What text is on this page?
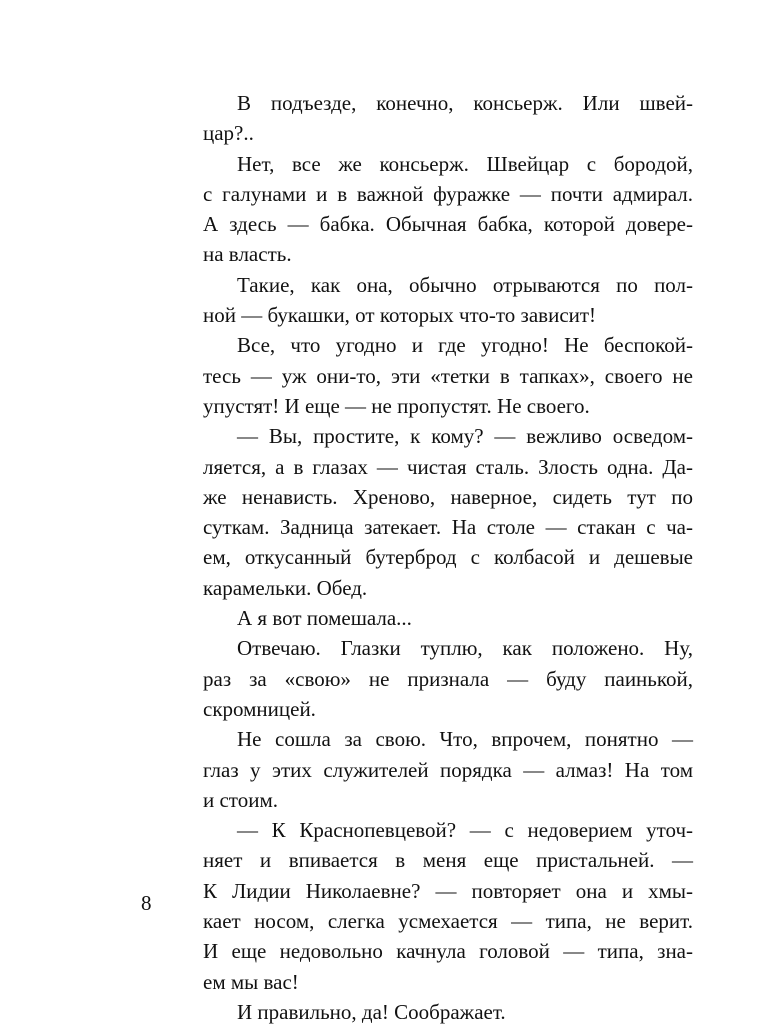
В подъезде, конечно, консьерж. Или швей-
цар?..
Нет, все же консьерж. Швейцар с бородой,
с галунами и в важной фуражке — почти адмирал.
А здесь — бабка. Обычная бабка, которой довере-
на власть.
Такие, как она, обычно отрываются по пол-
ной — букашки, от которых что-то зависит!
Все, что угодно и где угодно! Не беспокой-
тесь — уж они-то, эти «тетки в тапках», своего не
упустят! И еще — не пропустят. Не своего.
— Вы, простите, к кому? — вежливо осведом-
ляется, а в глазах — чистая сталь. Злость одна. Да-
же ненависть. Хреново, наверное, сидеть тут по
суткам. Задница затекает. На столе — стакан с ча-
ем, откусанный бутерброд с колбасой и дешевые
карамельки. Обед.
А я вот помешала...
Отвечаю. Глазки туплю, как положено. Ну,
раз за «свою» не признала — буду паинькой,
скромницей.
Не сошла за свою. Что, впрочем, понятно —
глаз у этих служителей порядка — алмаз! На том
и стоим.
— К Краснопевцевой? — с недоверием уточ-
няет и впивается в меня еще пристальней. —
К Лидии Николаевне? — повторяет она и хмы-
кает носом, слегка усмехается — типа, не верит.
И еще недовольно качнула головой — типа, зна-
ем мы вас!
И правильно, да! Соображает.
8
